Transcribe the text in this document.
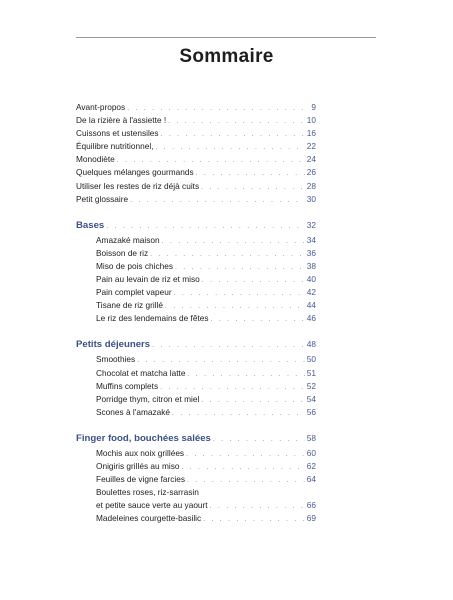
Sommaire
Avant-propos . . .	9
De la rizière à l'assiette ! . . .	10
Cuissons et ustensiles . . .	16
Équilibre nutritionnel, . . .	22
Monodiète . . .	24
Quelques mélanges gourmands . . .	26
Utiliser les restes de riz déjà cuits . . .	28
Petit glossaire . . .	30
Bases . . .	32
Amazaké maison . . .	34
Boisson de riz . . .	36
Miso de pois chiches . . .	38
Pain au levain de riz et miso . . .	40
Pain complet vapeur . . .	42
Tisane de riz grillé . . .	44
Le riz des lendemains de fêtes . . .	46
Petits déjeuners . . .	48
Smoothies . . .	50
Chocolat et matcha latte . . .	51
Muffins complets . . .	52
Porridge thym, citron et miel . . .	54
Scones à l'amazaké . . .	56
Finger food, bouchées salées . . .	58
Mochis aux noix grillées . . .	60
Onigiris grillés au miso . . .	62
Feuilles de vigne farcies . . .	64
Boulettes roses, riz-sarrasin
et petite sauce verte au yaourt . . .	66
Madeleines courgette-basilic . . .	69
